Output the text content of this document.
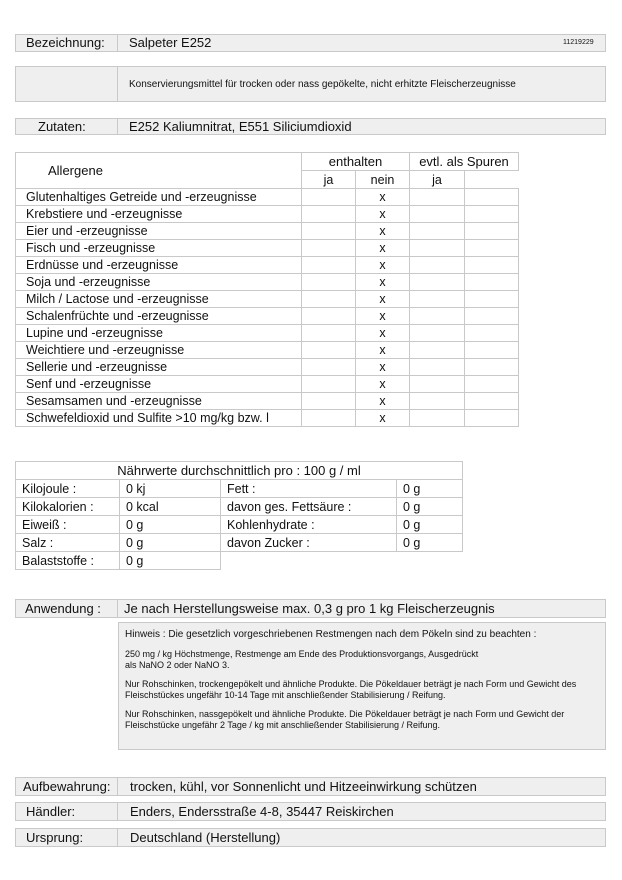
Bezeichnung: Salpeter E252	11219229
Konservierungsmittel für trocken oder nass gepökelte, nicht erhitzte Fleischerzeugnisse
Zutaten:	E252 Kaliumnitrat, E551 Siliciumdioxid
Allergene	enthalten		evtl. als Spuren	
	ja	nein	ja	
Glutenhaltiges Getreide und -erzeugnisse		x		
Krebstiere und -erzeugnisse		x		
Eier und -erzeugnisse		x		
Fisch und -erzeugnisse		x		
Erdnüsse und -erzeugnisse		x		
Soja und -erzeugnisse		x		
Milch / Lactose und -erzeugnisse		x		
Schalenfrüchte und -erzeugnisse		x		
Lupine und -erzeugnisse		x		
Weichtiere und -erzeugnisse		x		
Sellerie und -erzeugnisse		x		
Senf und -erzeugnisse		x		
Sesamsamen und -erzeugnisse		x		
Schwefeldioxid und Sulfite >10 mg/kg bzw. l		x		
Nährwerte durchschnittlich pro : 100 g / ml			
Kilojoule :	0 kj	Fett :	0 g
Kilokalorien :	0 kcal	davon ges. Fettsäure :	0 g
Eiweiß :	0 g	Kohlenhydrate :	0 g
Salz :	0 g	davon Zucker :	0 g
Balaststoffe :	0 g		
Anwendung : Je nach Herstellungsweise max. 0,3 g pro 1 kg Fleischerzeugnis

Hinweis : Die gesetzlich vorgeschriebenen Restmengen nach dem Pökeln sind zu beachten :

250 mg / kg Höchstmenge, Restmenge am Ende des Produktionsvorgangs, Ausgedrückt als NaNO 2 oder NaNO 3.

Nur Rohschinken, trockengepökelt und ähnliche Produkte. Die Pökeldauer beträgt je nach Form und Gewicht des Fleischstückes ungefähr 10-14 Tage mit anschließender Stabilisierung / Reifung.

Nur Rohschinken, nassgepökelt und ähnliche Produkte. Die Pökeldauer beträgt je nach Form und Gewicht der Fleischstücke ungefähr 2 Tage / kg mit anschließender Stabilisierung / Reifung.

Aufbewahrung: trocken, kühl, vor Sonnenlicht und Hitzeeinwirkung schützen
Händler:	Enders, Endersstraße 4-8, 35447 Reiskirchen
Ursprung:	Deutschland (Herstellung)
